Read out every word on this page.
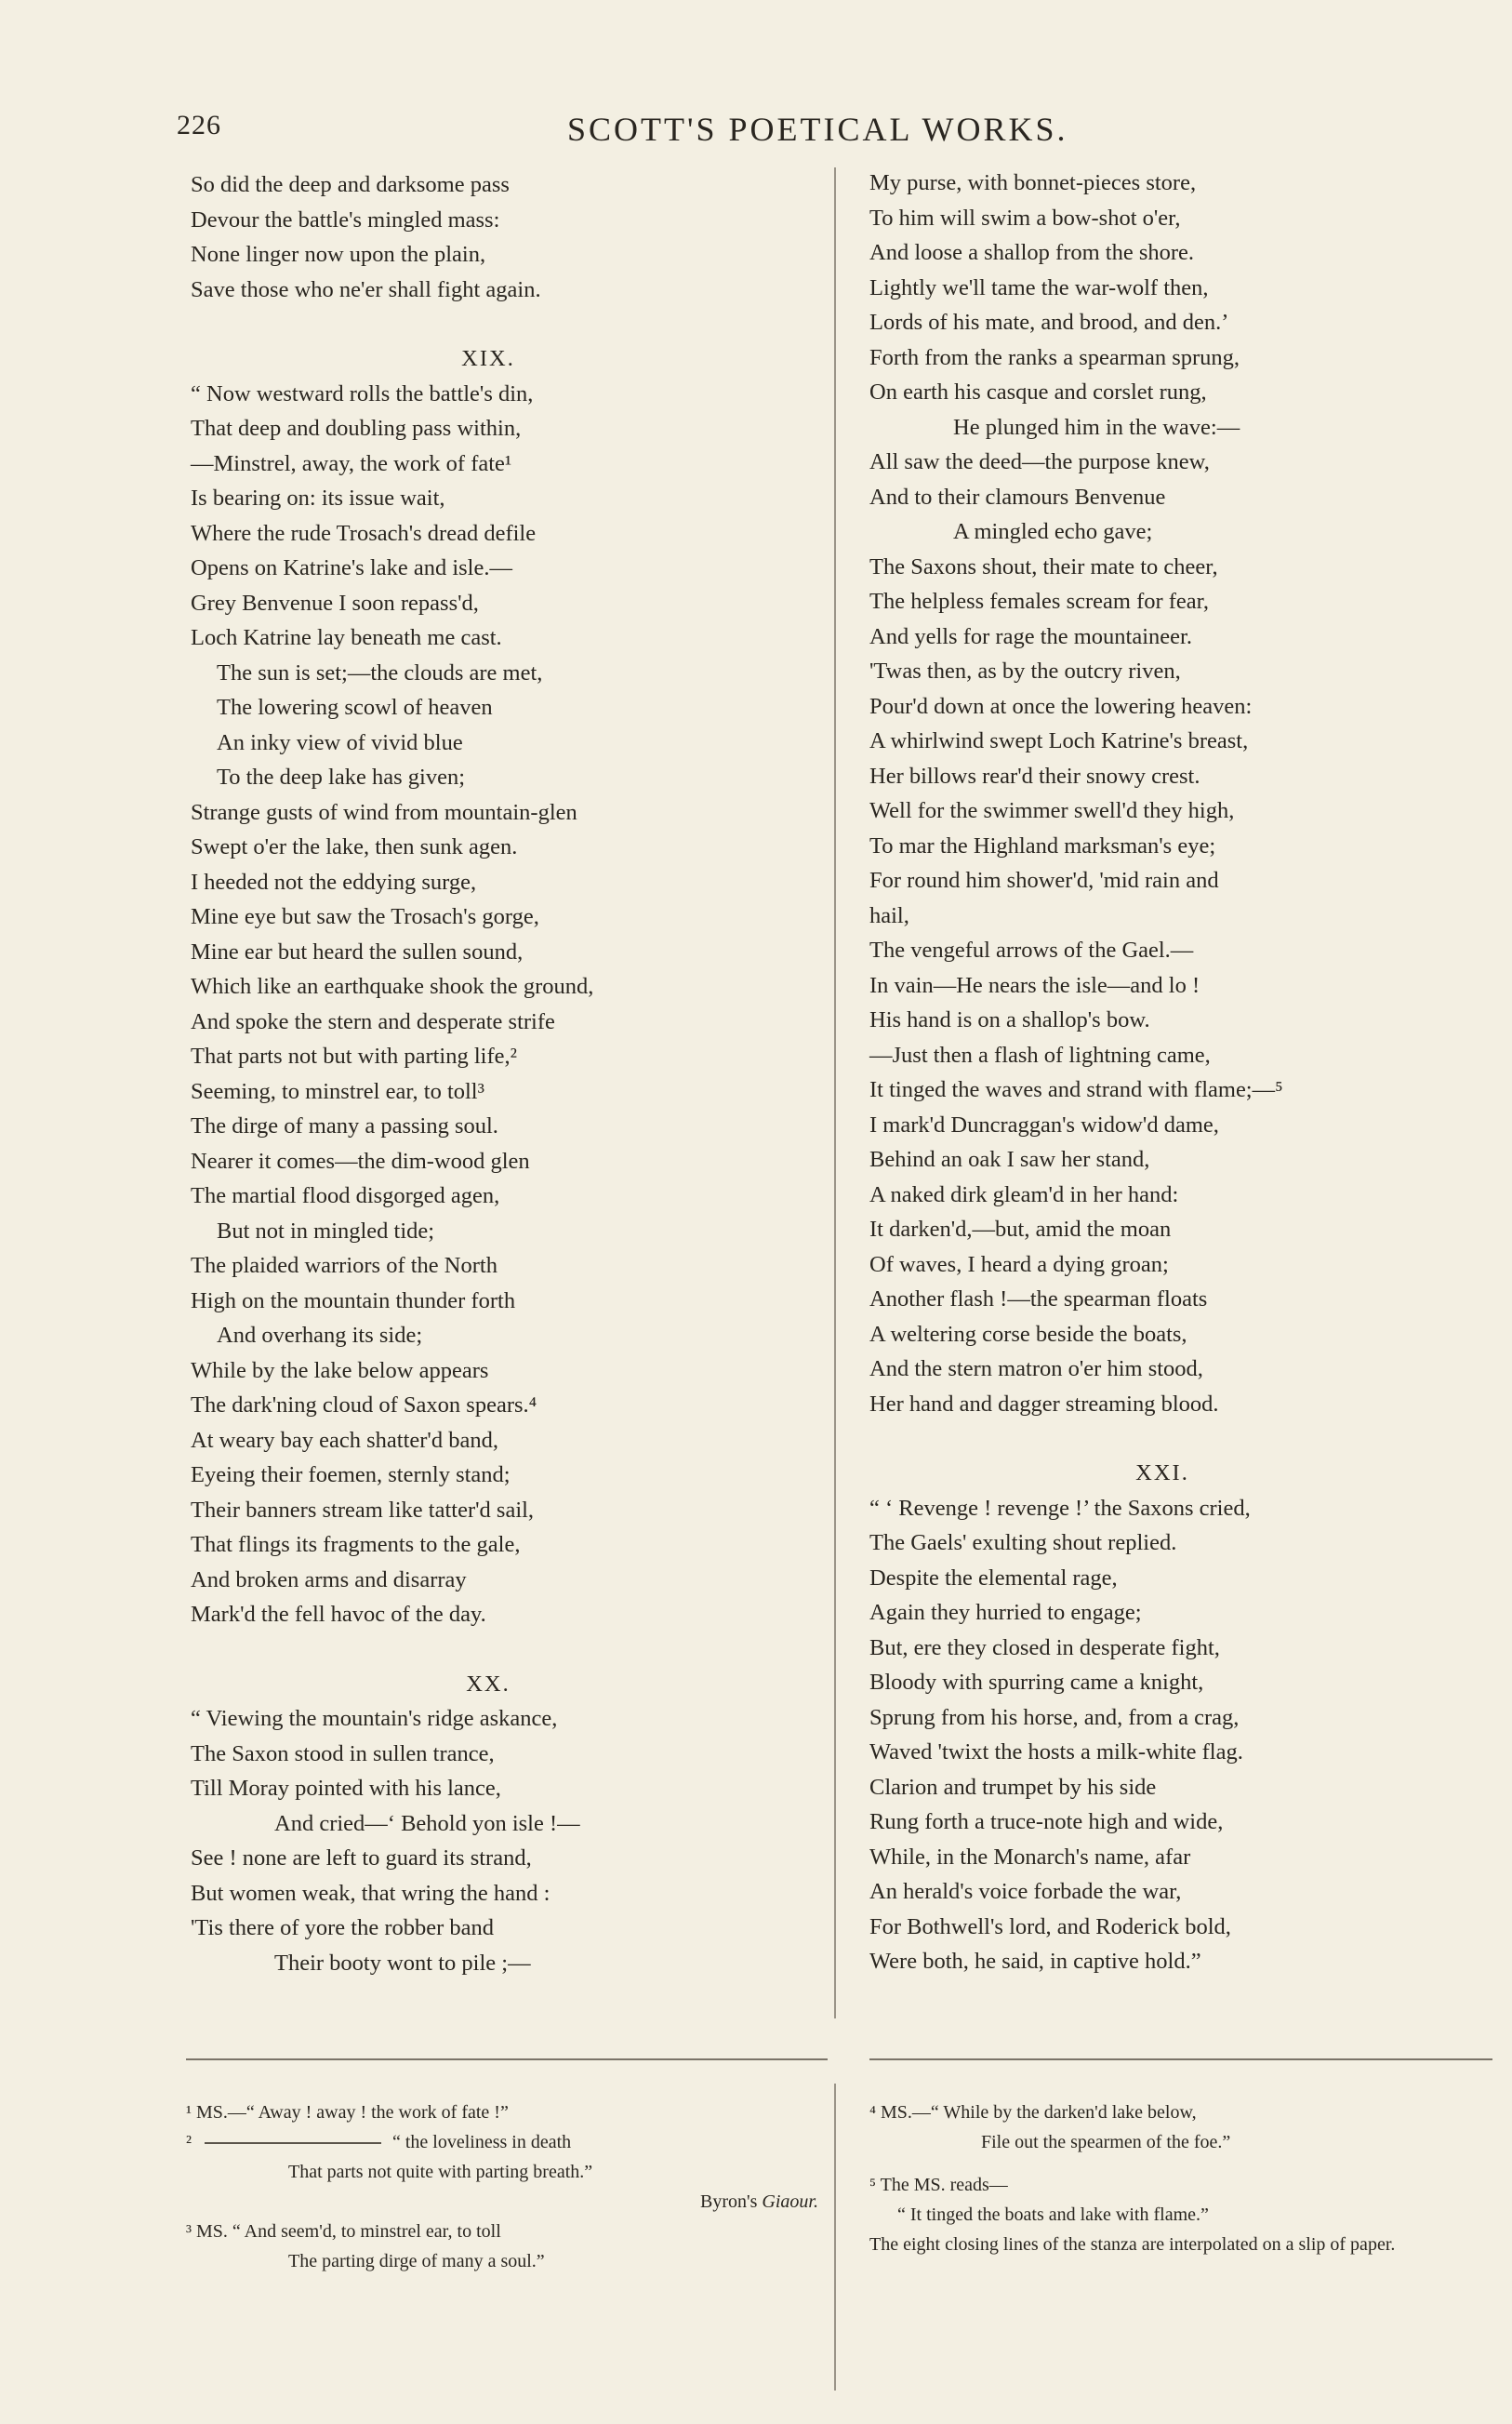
226	SCOTT'S POETICAL WORKS.
So did the deep and darksome pass
Devour the battle's mingled mass:
None linger now upon the plain,
Save those who ne'er shall fight again.
XIX.
“ Now westward rolls the battle's din,
That deep and doubling pass within,
—Minstrel, away, the work of fate¹
Is bearing on: its issue wait,
Where the rude Trosach's dread defile
Opens on Katrine's lake and isle.—
Grey Benvenue I soon repass'd,
Loch Katrine lay beneath me cast.
The sun is set;—the clouds are met,
The lowering scowl of heaven
An inky view of vivid blue
To the deep lake has given;
Strange gusts of wind from mountain-glen
Swept o'er the lake, then sunk agen.
I heeded not the eddying surge,
Mine eye but saw the Trosach's gorge,
Mine ear but heard the sullen sound,
Which like an earthquake shook the ground,
And spoke the stern and desperate strife
That parts not but with parting life,²
Seeming, to minstrel ear, to toll³
The dirge of many a passing soul.
Nearer it comes—the dim-wood glen
The martial flood disgorged agen,
But not in mingled tide;
The plaided warriors of the North
High on the mountain thunder forth
And overhang its side;
While by the lake below appears
The dark'ning cloud of Saxon spears.⁴
At weary bay each shatter'd band,
Eyeing their foemen, sternly stand;
Their banners stream like tatter'd sail,
That flings its fragments to the gale,
And broken arms and disarray
Mark'd the fell havoc of the day.
XX.
“ Viewing the mountain's ridge askance,
The Saxon stood in sullen trance,
Till Moray pointed with his lance,
And cried—‘ Behold yon isle !—
See ! none are left to guard its strand,
But women weak, that wring the hand :
'Tis there of yore the robber band
Their booty wont to pile ;—
My purse, with bonnet-pieces store,
To him will swim a bow-shot o'er,
And loose a shallop from the shore.
Lightly we'll tame the war-wolf then,
Lords of his mate, and brood, and den.’
Forth from the ranks a spearman sprung,
On earth his casque and corslet rung,
He plunged him in the wave:—
All saw the deed—the purpose knew,
And to their clamours Benvenue
A mingled echo gave;
The Saxons shout, their mate to cheer,
The helpless females scream for fear,
And yells for rage the mountaineer.
'Twas then, as by the outcry riven,
Pour'd down at once the lowering heaven:
A whirlwind swept Loch Katrine's breast,
Her billows rear'd their snowy crest.
Well for the swimmer swell'd they high,
To mar the Highland marksman's eye;
For round him shower'd, 'mid rain and
hail,
The vengeful arrows of the Gael.—
In vain—He nears the isle—and lo !
His hand is on a shallop's bow.
—Just then a flash of lightning came,
It tinged the waves and strand with flame;—⁵
I mark'd Duncraggan's widow'd dame,
Behind an oak I saw her stand,
A naked dirk gleam'd in her hand:
It darken'd,—but, amid the moan
Of waves, I heard a dying groan;
Another flash !—the spearman floats
A weltering corse beside the boats,
And the stern matron o'er him stood,
Her hand and dagger streaming blood.
XXI.
“ ‘ Revenge ! revenge !’ the Saxons cried,
The Gaels' exulting shout replied.
Despite the elemental rage,
Again they hurried to engage;
But, ere they closed in desperate fight,
Bloody with spurring came a knight,
Sprung from his horse, and, from a crag,
Waved 'twixt the hosts a milk-white flag.
Clarion and trumpet by his side
Rung forth a truce-note high and wide,
While, in the Monarch's name, afar
An herald's voice forbade the war,
For Bothwell's lord, and Roderick bold,
Were both, he said, in captive hold.”
¹ MS.—“ Away ! away ! the work of fate !”
²	“ the loveliness in death
That parts not quite with parting breath.”
Byron's Giaour.
³ MS. “ And seem'd, to minstrel ear, to toll
The parting dirge of many a soul.”
⁴ MS.—“ While by the darken'd lake below,
File out the spearmen of the foe.”
⁵ The MS. reads—
“ It tinged the boats and lake with flame.”
The eight closing lines of the stanza are interpolated on a slip of paper.
